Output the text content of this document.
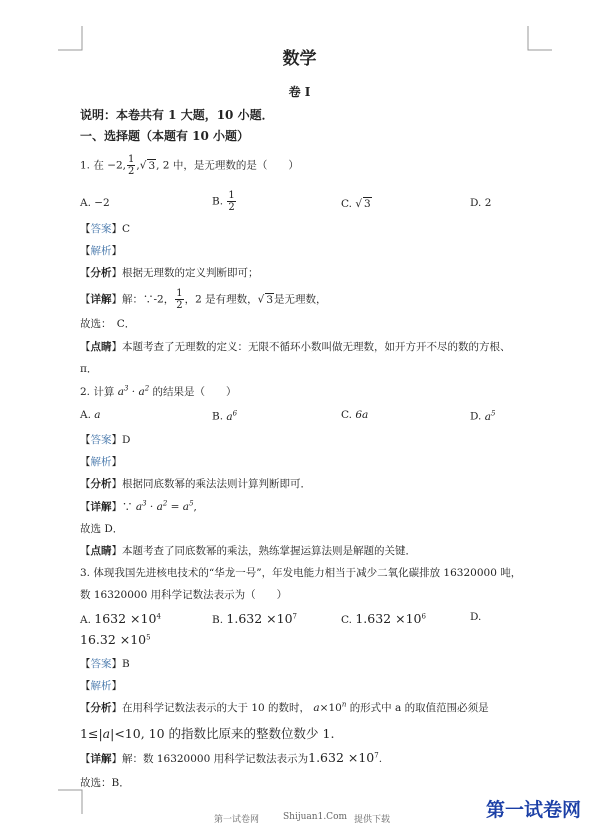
数学
卷 I
说明：本卷共有 1 大题，10 小题．
一、选择题（本题有 10 小题）
1. 在 −2, $\frac{1}{2}$ ,√ 3, 2 中，是无理数的是（　　）
A. −2	B. $\frac{1}{2}$	C. √ 3	D. 2
【答案】C
【解析】
【分析】根据无理数的定义判断即可；
【详解】解：∵-2， $\frac{1}{2}$ ，2 是有理数，√ 3是无理数，
故选：　C．
【点睛】本题考查了无理数的定义：无限不循环小数叫做无理数，如开方开不尽的数的方根、
π．
2. 计算 $a^3 \cdot a^2$ 的结果是（　　）
A. a	B. $a^6$	C. 6a	D. $a^5$
【答案】D
【解析】
【分析】根据同底数幂的乘法法则计算判断即可．
【详解】∵ $a^3 \cdot a^2 = a^5$,
故选 D．
【点睛】本题考查了同底数幂的乘法，熟练掌握运算法则是解题的关键．
3. 体现我国先进核电技术的“华龙一号”，年发电能力相当于减少二氧化碳排放 16320000 吨，
数 16320000 用科学记数法表示为（　　）
A. $1632 \times 10^4$	B. $1.632 \times 10^7$	C. $1.632 \times 10^6$	D.
$16.32 \times 10^5$
【答案】B
【解析】
【分析】在用科学记数法表示的大于 10 的数时， $a\times 10^n$ 的形式中 a 的取值范围必须是
1≤|a|<10, 10 的指数比原来的整数位数少 1.
【详解】解：数 16320000 用科学记数法表示为$1.632 \times 10^7$.
故选：B．
第一试卷网	Shijuan1.Com 提供下载	第一试卷网
